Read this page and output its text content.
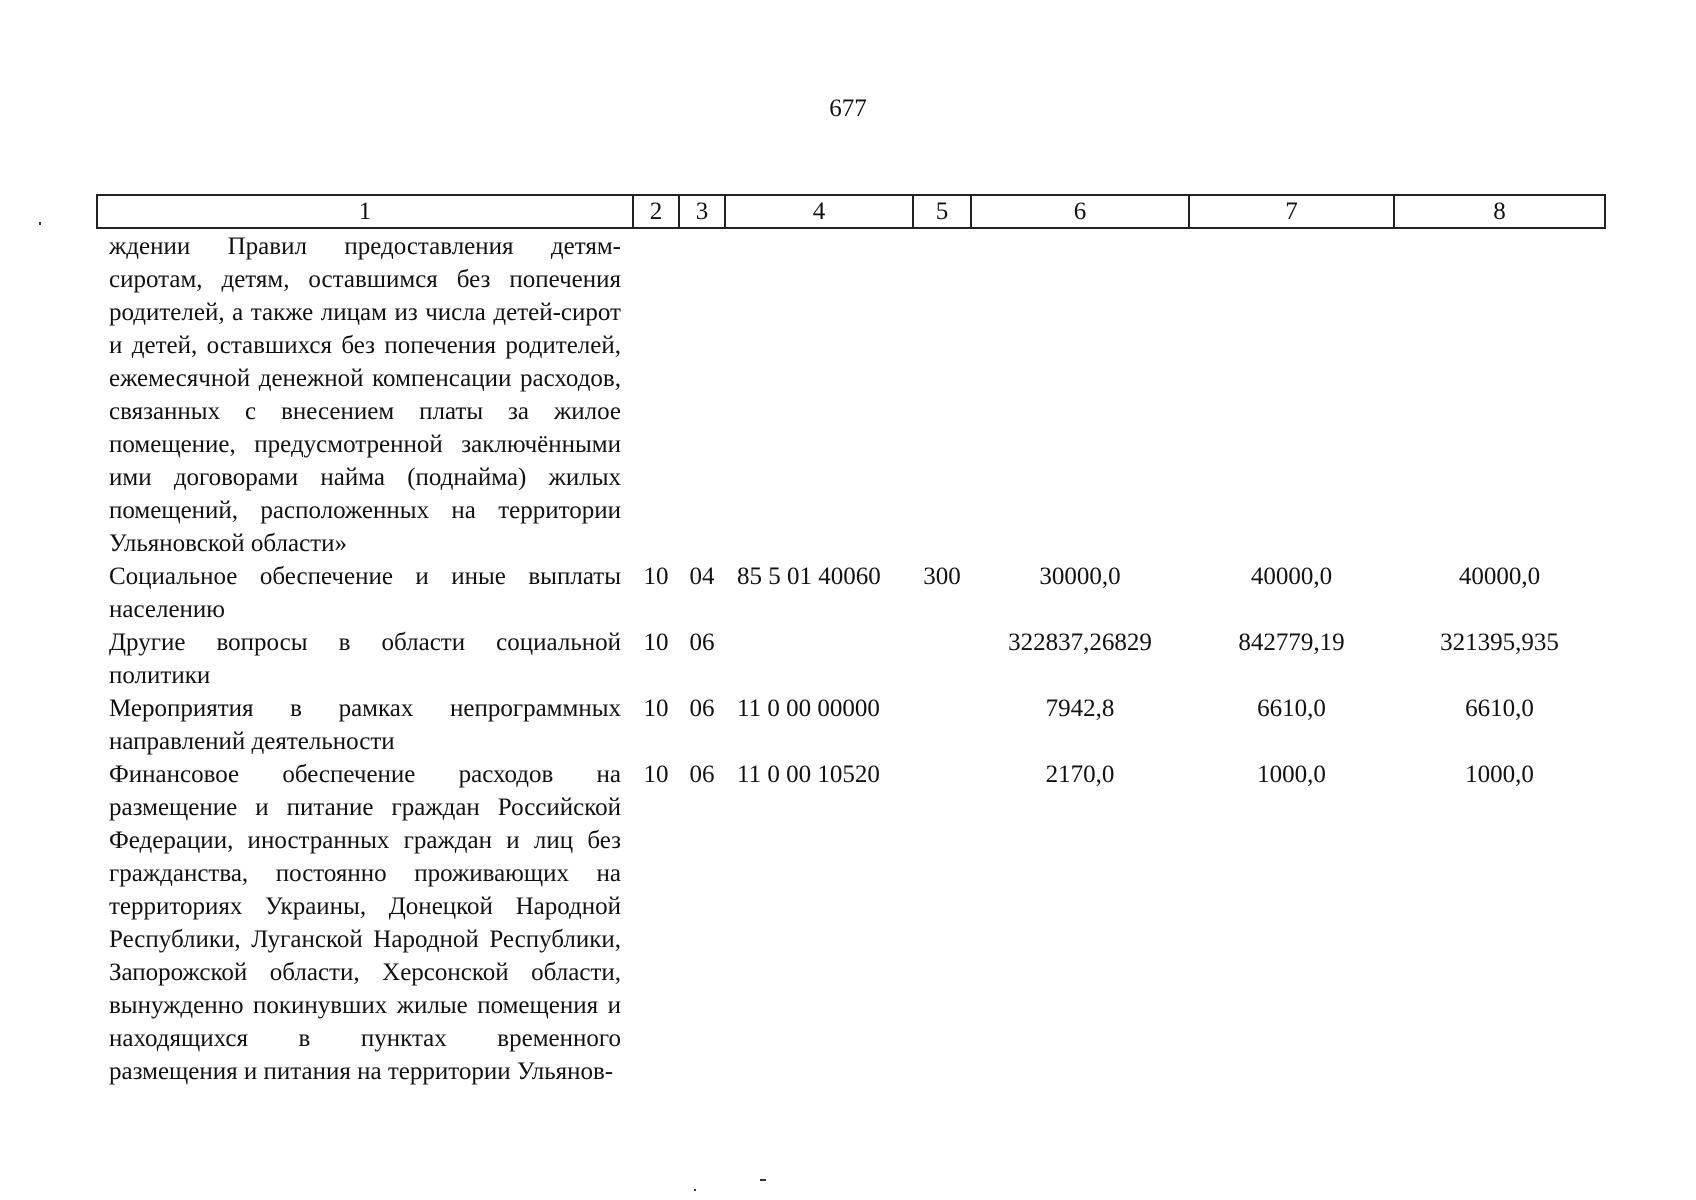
677
1	2	3	4	5	6	7	8
ждении Правил предоставления детям-сиротам, детям, оставшимся без попечения родителей, а также лицам из числа детей-сирот и детей, оставшихся без попечения родителей, ежемесячной денежной компенсации расходов, связанных с внесением платы за жилое помещение, предусмотренной заключёнными ими договорами найма (поднайма) жилых помещений, расположенных на территории Ульяновской области»							
Социальное обеспечение и иные выплаты населению	10	04	85 5 01 40060	300	30000,0	40000,0	40000,0
Другие вопросы в области социальной политики	10	06			322837,26829	842779,19	321395,935
Мероприятия в рамках непрограммных направлений деятельности	10	06	11 0 00 00000		7942,8	6610,0	6610,0
Финансовое обеспечение расходов на размещение и питание граждан Российской Федерации, иностранных граждан и лиц без гражданства, постоянно проживающих на территориях Украины, Донецкой Народной Республики, Луганской Народной Республики, Запорожской области, Херсонской области, вынужденно покинувших жилые помещения и находящихся в пунктах временного размещения и питания на территории Ульянов-	10	06	11 0 00 10520		2170,0	1000,0	1000,0
